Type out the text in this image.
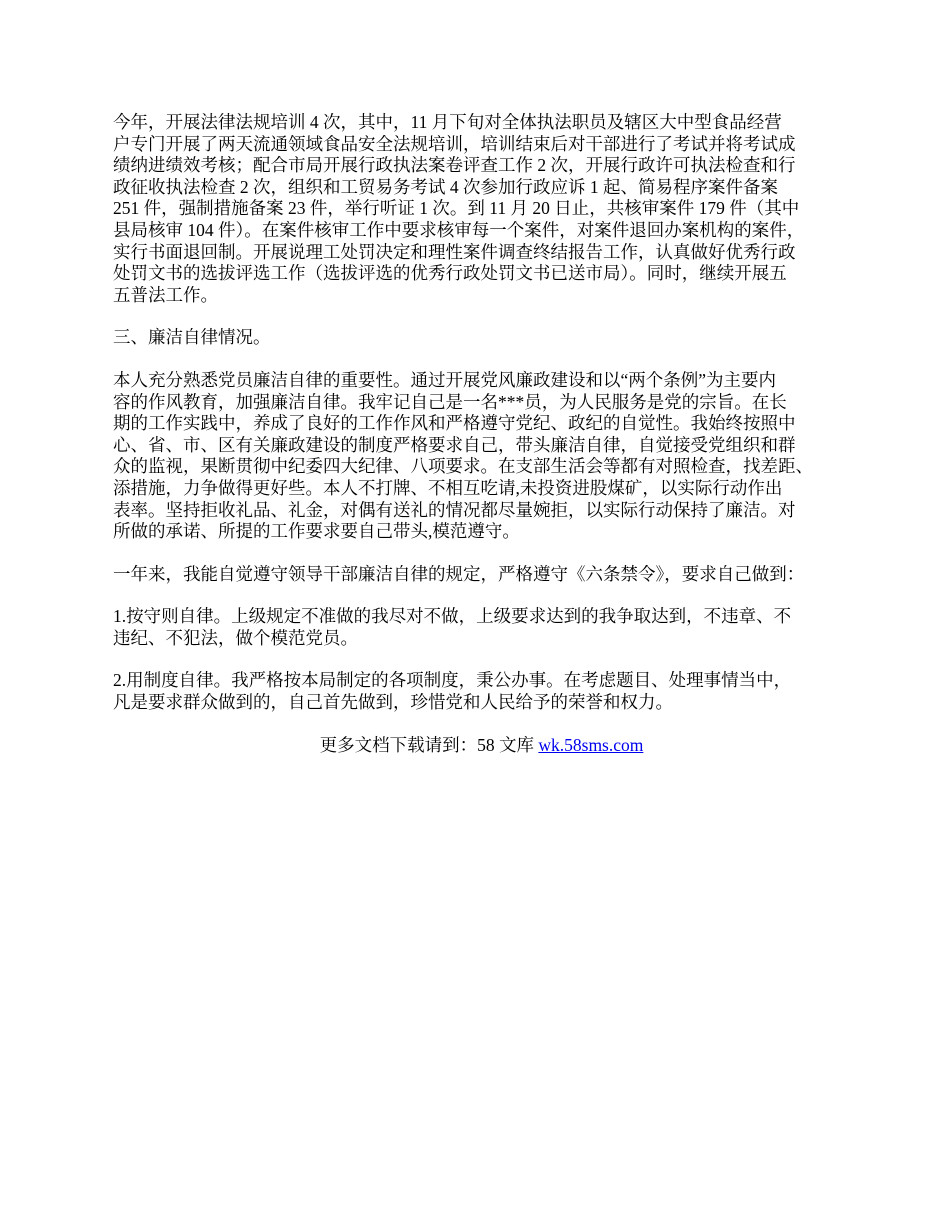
今年，开展法律法规培训 4 次，其中，11 月下旬对全体执法职员及辖区大中型食品经营
户专门开展了两天流通领域食品安全法规培训，培训结束后对干部进行了考试并将考试成
绩纳进绩效考核；配合市局开展行政执法案卷评查工作 2 次，开展行政许可执法检查和行
政征收执法检查 2 次，组织和工贸易务考试 4 次参加行政应诉 1 起、简易程序案件备案
251 件，强制措施备案 23 件，举行听证 1 次。到 11 月 20 日止，共核审案件 179 件（其中
县局核审 104 件）。在案件核审工作中要求核审每一个案件，对案件退回办案机构的案件，
实行书面退回制。开展说理工处罚决定和理性案件调查终结报告工作，认真做好优秀行政
处罚文书的选拔评选工作（选拔评选的优秀行政处罚文书已送市局）。同时，继续开展五
五普法工作。
三、廉洁自律情况。
本人充分熟悉党员廉洁自律的重要性。通过开展党风廉政建设和以“两个条例”为主要内
容的作风教育，加强廉洁自律。我牢记自己是一名***员，为人民服务是党的宗旨。在长
期的工作实践中，养成了良好的工作作风和严格遵守党纪、政纪的自觉性。我始终按照中
心、省、市、区有关廉政建设的制度严格要求自己，带头廉洁自律，自觉接受党组织和群
众的监视，果断贯彻中纪委四大纪律、八项要求。在支部生活会等都有对照检查，找差距、
添措施，力争做得更好些。本人不打牌、不相互吃请,未投资进股煤矿，以实际行动作出
表率。坚持拒收礼品、礼金，对偶有送礼的情况都尽量婉拒，以实际行动保持了廉洁。对
所做的承诺、所提的工作要求要自己带头,模范遵守。
一年来，我能自觉遵守领导干部廉洁自律的规定，严格遵守《六条禁令》，要求自己做到：
1.按守则自律。上级规定不准做的我尽对不做，上级要求达到的我争取达到，不违章、不
违纪、不犯法，做个模范党员。
2.用制度自律。我严格按本局制定的各项制度，秉公办事。在考虑题目、处理事情当中，
凡是要求群众做到的，自己首先做到，珍惜党和人民给予的荣誉和权力。
更多文档下载请到：58 文库 wk.58sms.com
